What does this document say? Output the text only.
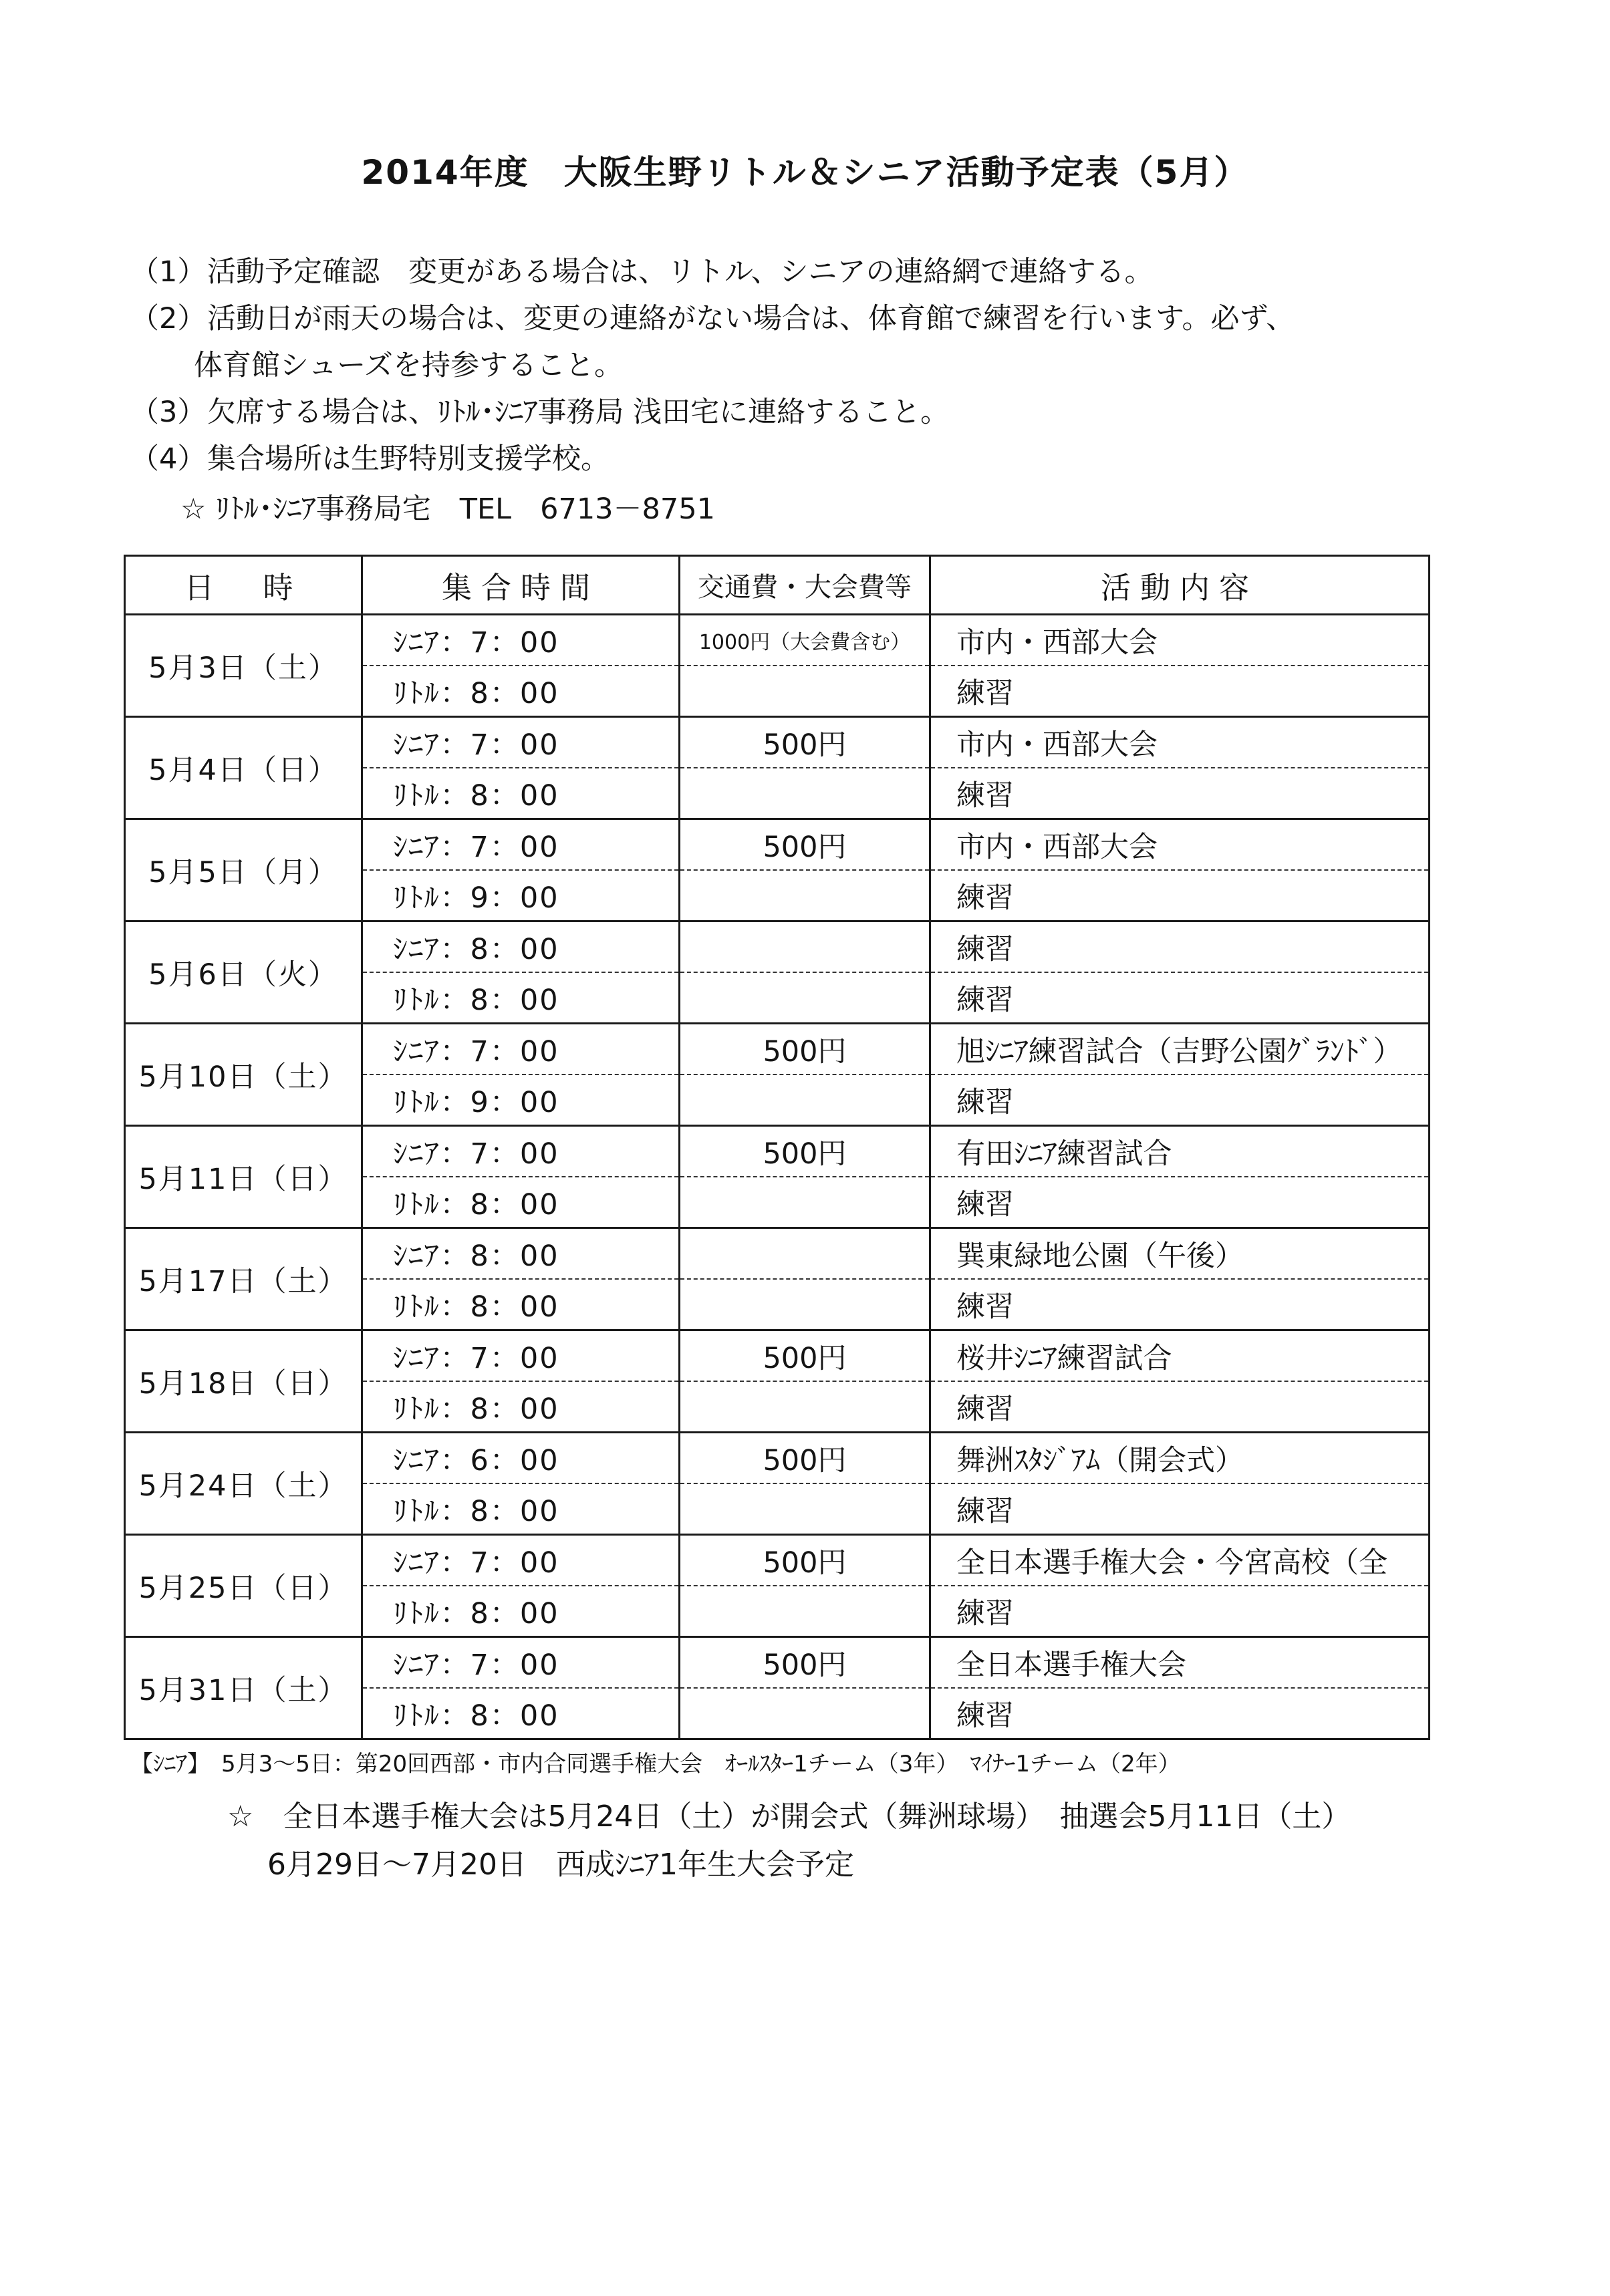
2014年度　大阪生野リトル＆シニア活動予定表（5月）
（1）活動予定確認　変更がある場合は、リトル、シニアの連絡網で連絡する。
（2）活動日が雨天の場合は、変更の連絡がない場合は、体育館で練習を行います。必ず、
体育館シューズを持参すること。
（3）欠席する場合は、ﾘﾄﾙ･ｼﾆｱ事務局 浅田宅に連絡すること。
（4）集合場所は生野特別支援学校。
☆ ﾘﾄﾙ･ｼﾆｱ事務局宅　TEL　6713－8751
日　時	集合時間	交通費・大会費等	活動内容
5月3日（土）	ｼﾆｱ：7：00	1000円（大会費含む）	市内・西部大会
	ﾘﾄﾙ：8：00		練習
5月4日（日）	ｼﾆｱ：7：00	500円	市内・西部大会
	ﾘﾄﾙ：8：00		練習
5月5日（月）	ｼﾆｱ：7：00	500円	市内・西部大会
	ﾘﾄﾙ：9：00		練習
5月6日（火）	ｼﾆｱ：8：00		練習
	ﾘﾄﾙ：8：00		練習
5月10日（土）	ｼﾆｱ：7：00	500円	旭ｼﾆｱ練習試合（吉野公園ｸﾞﾗﾝﾄﾞ）
	ﾘﾄﾙ：9：00		練習
5月11日（日）	ｼﾆｱ：7：00	500円	有田ｼﾆｱ練習試合
	ﾘﾄﾙ：8：00		練習
5月17日（土）	ｼﾆｱ：8：00		巽東緑地公園（午後）
	ﾘﾄﾙ：8：00		練習
5月18日（日）	ｼﾆｱ：7：00	500円	桜井ｼﾆｱ練習試合
	ﾘﾄﾙ：8：00		練習
5月24日（土）	ｼﾆｱ：6：00	500円	舞洲ｽﾀｼﾞｱﾑ（開会式）
	ﾘﾄﾙ：8：00		練習
5月25日（日）	ｼﾆｱ：7：00	500円	全日本選手権大会・今宮高校（全
	ﾘﾄﾙ：8：00		練習
5月31日（土）	ｼﾆｱ：7：00	500円	全日本選手権大会
	ﾘﾄﾙ：8：00		練習
【ｼﾆｱ】　5月3～5日：第20回西部・市内合同選手権大会　ｵｰﾙｽﾀｰ1チーム（3年）　ﾏｲﾅｰ1チーム（2年）
☆　全日本選手権大会は5月24日（土）が開会式（舞洲球場）　抽選会5月11日（土）
6月29日～7月20日　西成ｼﾆｱ1年生大会予定
